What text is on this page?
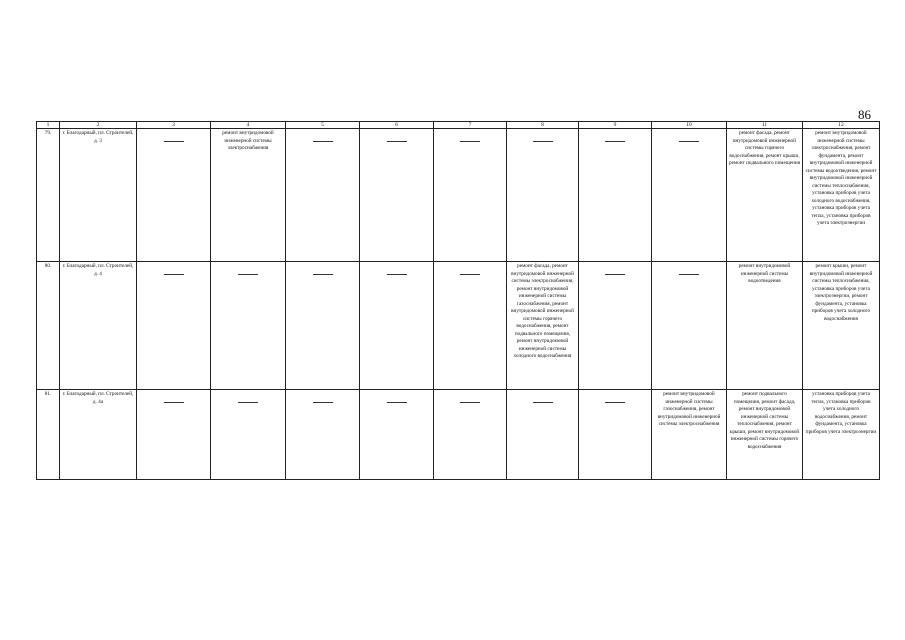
86
1	2	3	4	5	6	7	8	9	10	11	12
79.	г. Благодарный, пл. Строителей, д. 3		ремонт внутридомовой инженерной системы электроснабжения							ремонт фасада, ремонт внутридомовой инженерной системы горячего водоснабжения, ремонт крыши, ремонт подвального помещения	ремонт внутридомовой инженерной системы электроснабжения, ремонт фундамента, ремонт внутридомовой инженерной системы водоотведения, ремонт внутридомовой инженерной системы теплоснабжения, установка приборов учета холодного водоснабжения, установка приборов учета тепла, установка приборов учета электроэнергии
80.	г. Благодарный, пл. Строителей, д. 4						ремонт фасада, ремонт внутридомовой инженерной системы электроснабжения, ремонт внутридомовой инженерной системы газоснабжения, ремонт внутридомовой инженерной системы горячего водоснабжения, ремонт подвального помещения, ремонт внутридомовой инженерной системы холодного водоснабжения			ремонт внутридомовой инженерной системы водоотведения	ремонт крыши, ремонт внутридомовой инженерной системы теплоснабжения, установка приборов учета электроэнергии, ремонт фундамента, установка приборов учета холодного водоснабжения
81.	г. Благодарный, пл. Строителей, д. 4а								ремонт внутридомовой инженерной системы газоснабжения, ремонт внутридомовой инженерной системы электроснабжения	ремонт подвального помещения, ремонт фасада, ремонт внутридомовой инженерной системы теплоснабжения, ремонт крыши, ремонт внутридомовой инженерной системы горячего водоснабжения	установка приборов учета тепла, установка приборов учета холодного водоснабжения, ремонт фундамента, установка приборов учета электроэнергии
